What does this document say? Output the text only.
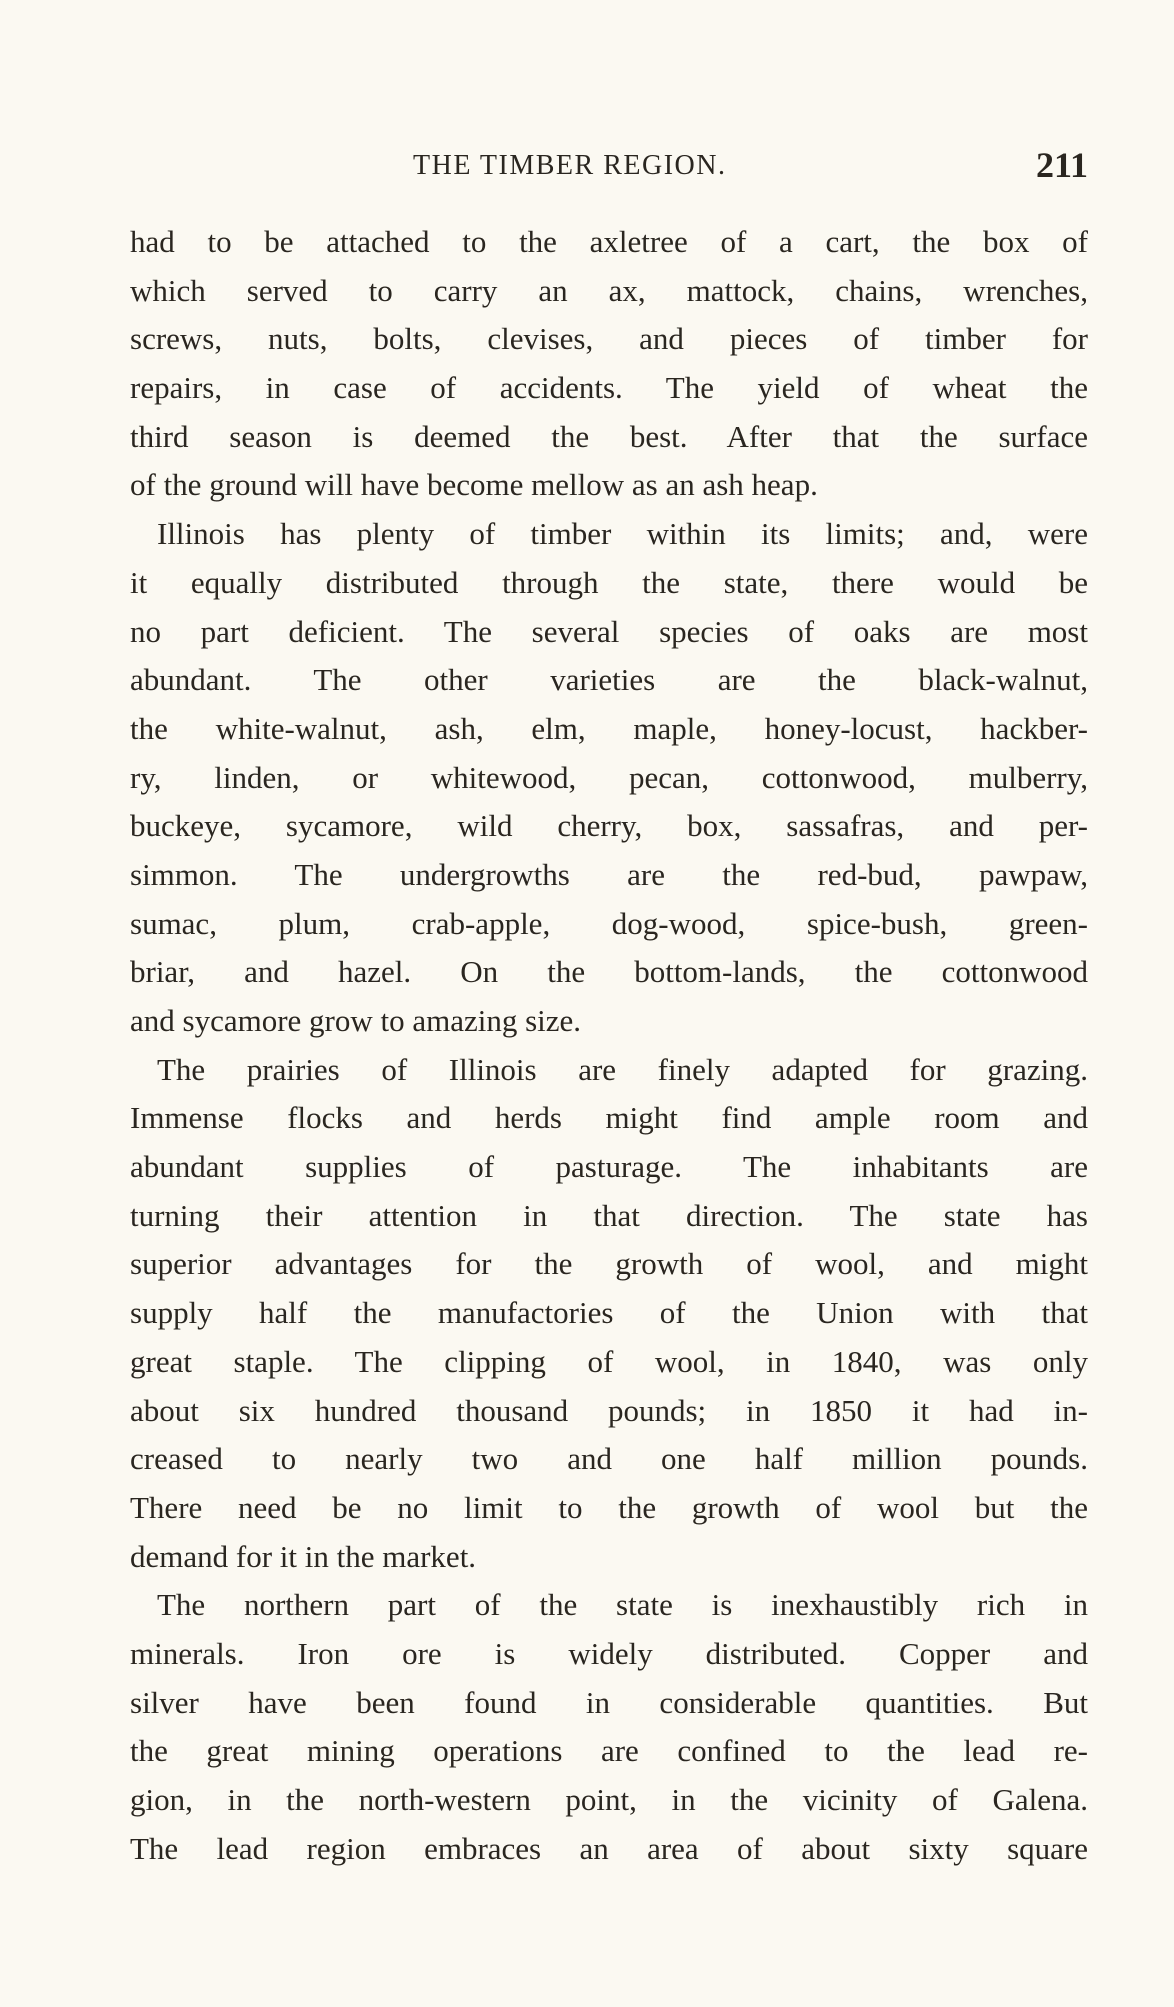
THE TIMBER REGION.	211
had to be attached to the axletree of a cart, the box of
which served to carry an ax, mattock, chains, wrenches,
screws, nuts, bolts, clevises, and pieces of timber for
repairs, in case of accidents. The yield of wheat the
third season is deemed the best. After that the surface
of the ground will have become mellow as an ash heap.
Illinois has plenty of timber within its limits; and, were
it equally distributed through the state, there would be
no part deficient. The several species of oaks are most
abundant. The other varieties are the black-walnut,
the white-walnut, ash, elm, maple, honey-locust, hackber-
ry, linden, or whitewood, pecan, cottonwood, mulberry,
buckeye, sycamore, wild cherry, box, sassafras, and per-
simmon. The undergrowths are the red-bud, pawpaw,
sumac, plum, crab-apple, dog-wood, spice-bush, green-
briar, and hazel. On the bottom-lands, the cottonwood
and sycamore grow to amazing size.
The prairies of Illinois are finely adapted for grazing.
Immense flocks and herds might find ample room and
abundant supplies of pasturage. The inhabitants are
turning their attention in that direction. The state has
superior advantages for the growth of wool, and might
supply half the manufactories of the Union with that
great staple. The clipping of wool, in 1840, was only
about six hundred thousand pounds; in 1850 it had in-
creased to nearly two and one half million pounds.
There need be no limit to the growth of wool but the
demand for it in the market.
The northern part of the state is inexhaustibly rich in
minerals. Iron ore is widely distributed. Copper and
silver have been found in considerable quantities. But
the great mining operations are confined to the lead re-
gion, in the north-western point, in the vicinity of Galena.
The lead region embraces an area of about sixty square
